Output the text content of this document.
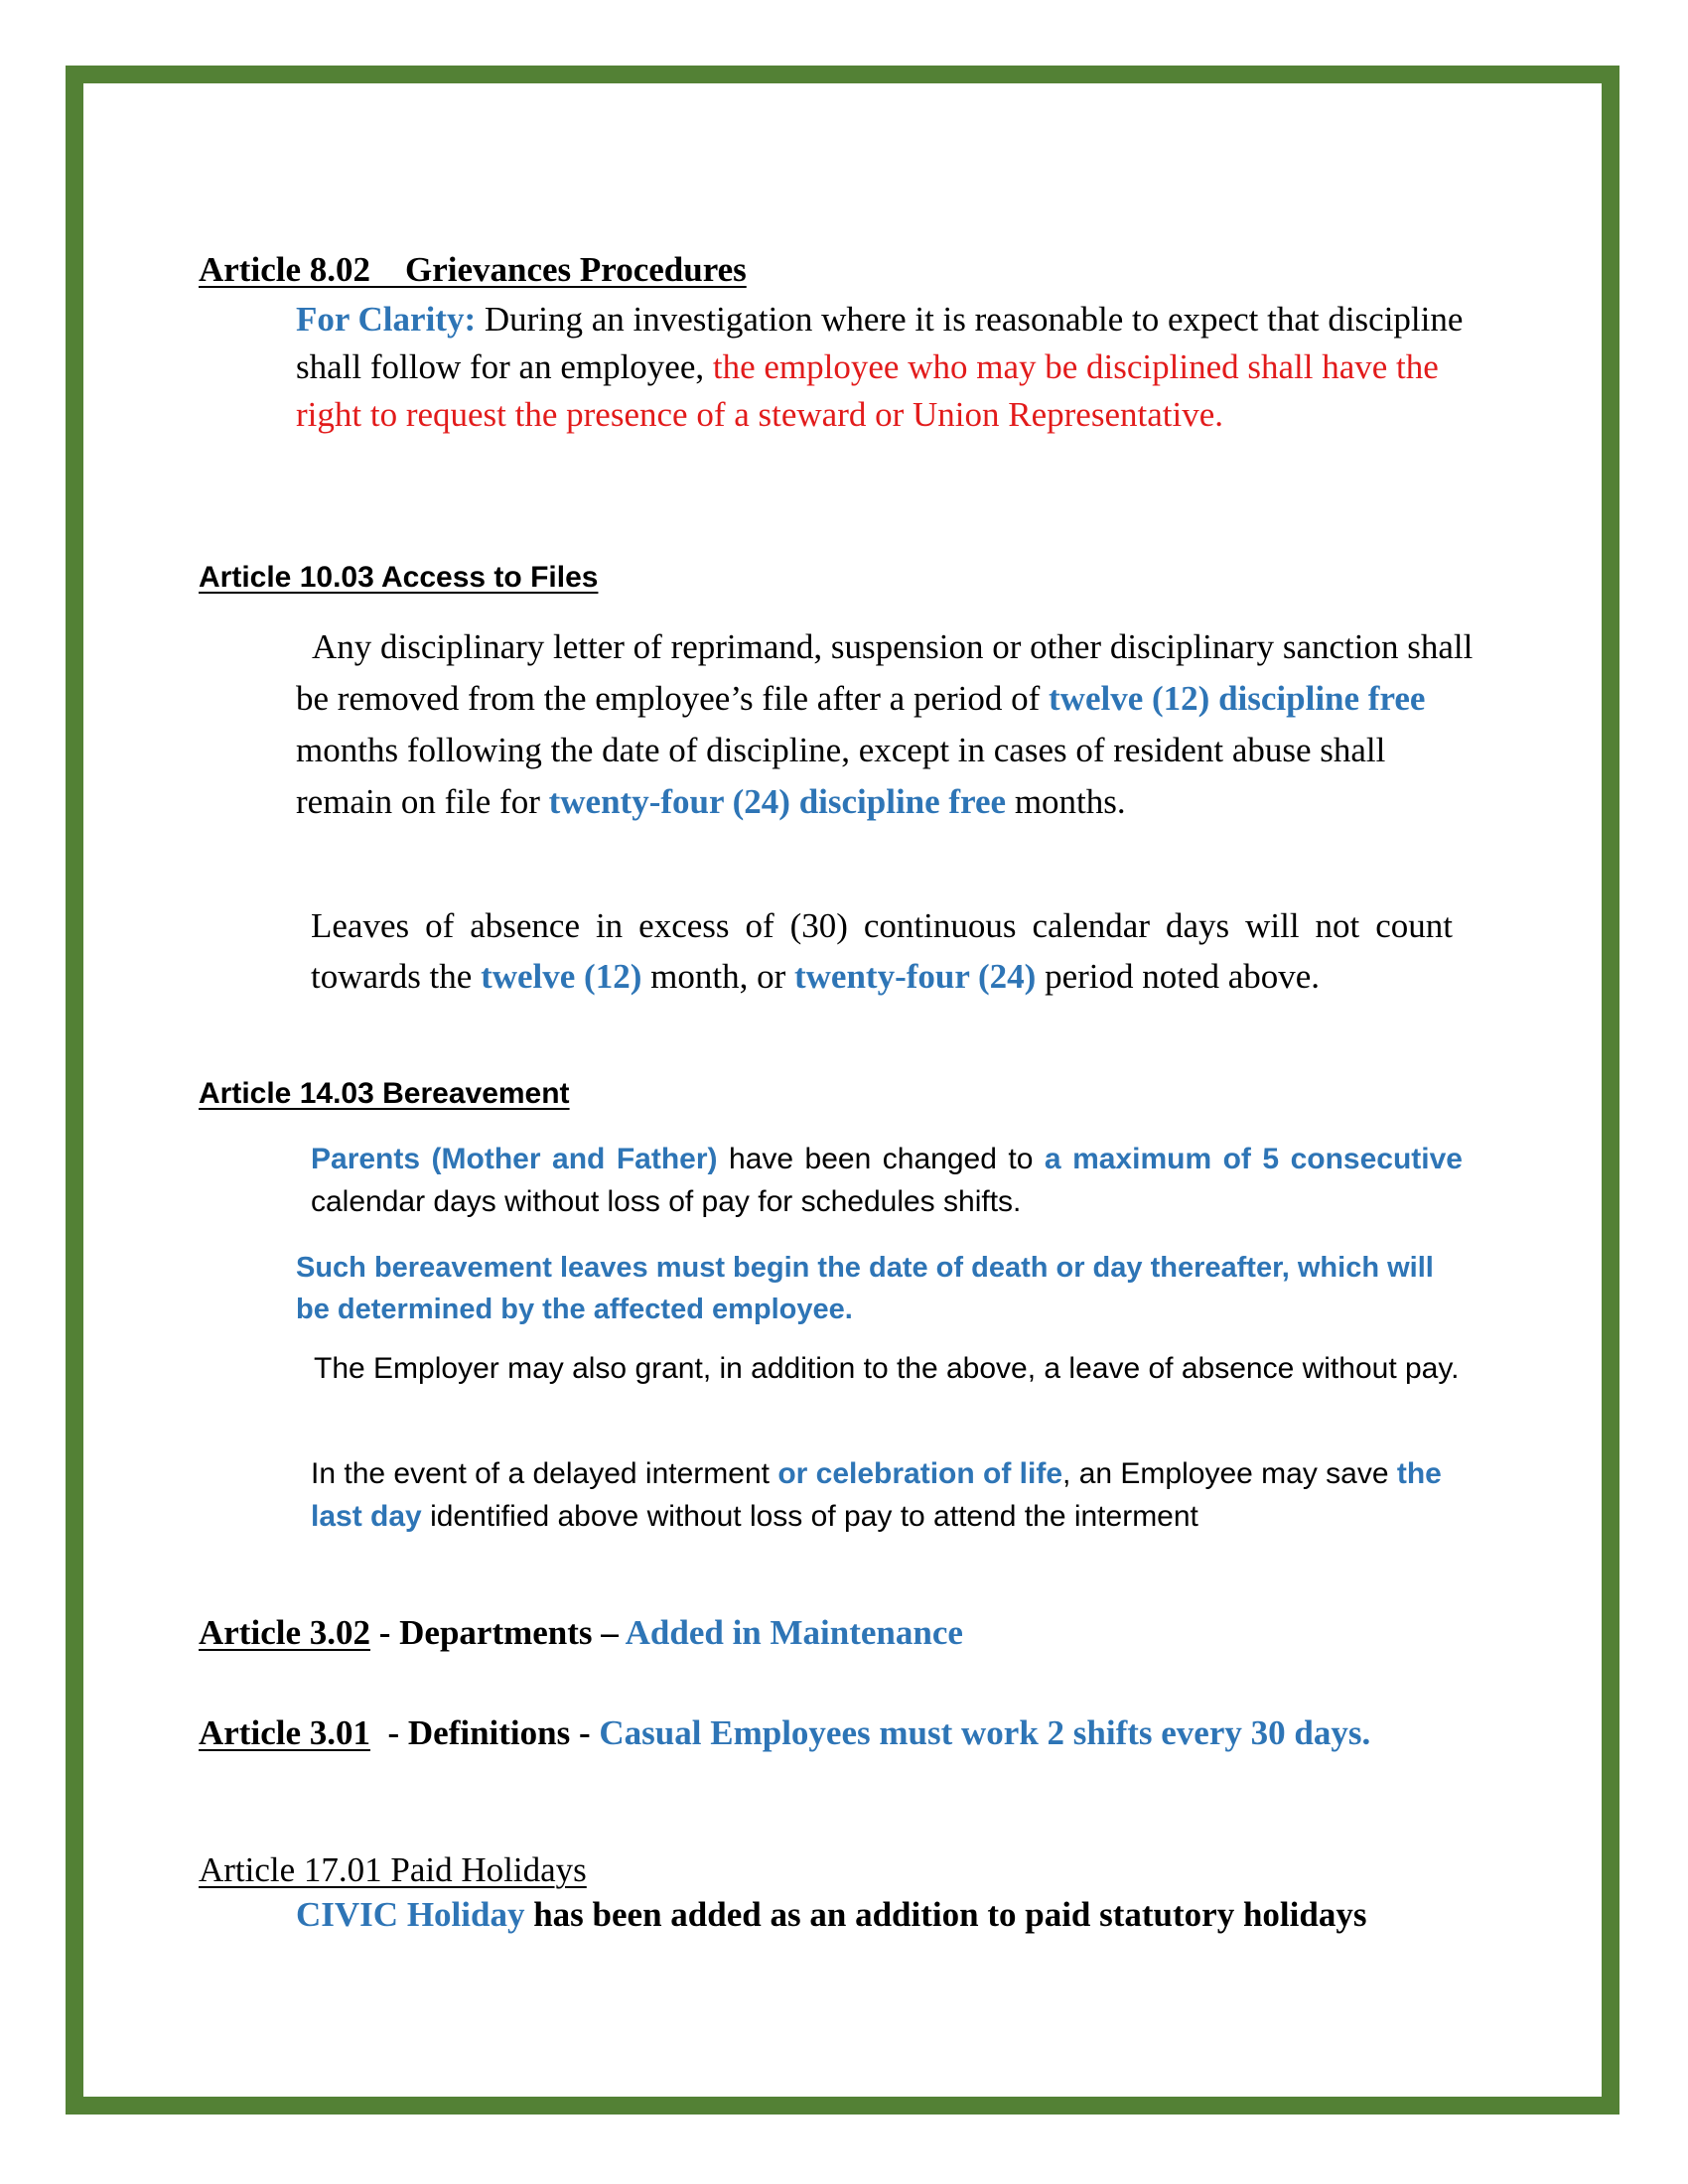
Article 8.02 Grievances Procedures
For Clarity: During an investigation where it is reasonable to expect that discipline shall follow for an employee, the employee who may be disciplined shall have the right to request the presence of a steward or Union Representative.
Article 10.03 Access to Files
Any disciplinary letter of reprimand, suspension or other disciplinary sanction shall be removed from the employee’s file after a period of twelve (12) discipline free months following the date of discipline, except in cases of resident abuse shall remain on file for twenty-four (24) discipline free months.
Leaves of absence in excess of (30) continuous calendar days will not count towards the twelve (12) month, or twenty-four (24) period noted above.
Article 14.03 Bereavement
Parents (Mother and Father) have been changed to a maximum of 5 consecutive calendar days without loss of pay for schedules shifts.
Such bereavement leaves must begin the date of death or day thereafter, which will be determined by the affected employee.
The Employer may also grant, in addition to the above, a leave of absence without pay.
In the event of a delayed interment or celebration of life, an Employee may save the last day identified above without loss of pay to attend the interment
Article 3.02 - Departments – Added in Maintenance
Article 3.01  - Definitions - Casual Employees must work 2 shifts every 30 days.
Article 17.01 Paid Holidays
CIVIC Holiday has been added as an addition to paid statutory holidays
